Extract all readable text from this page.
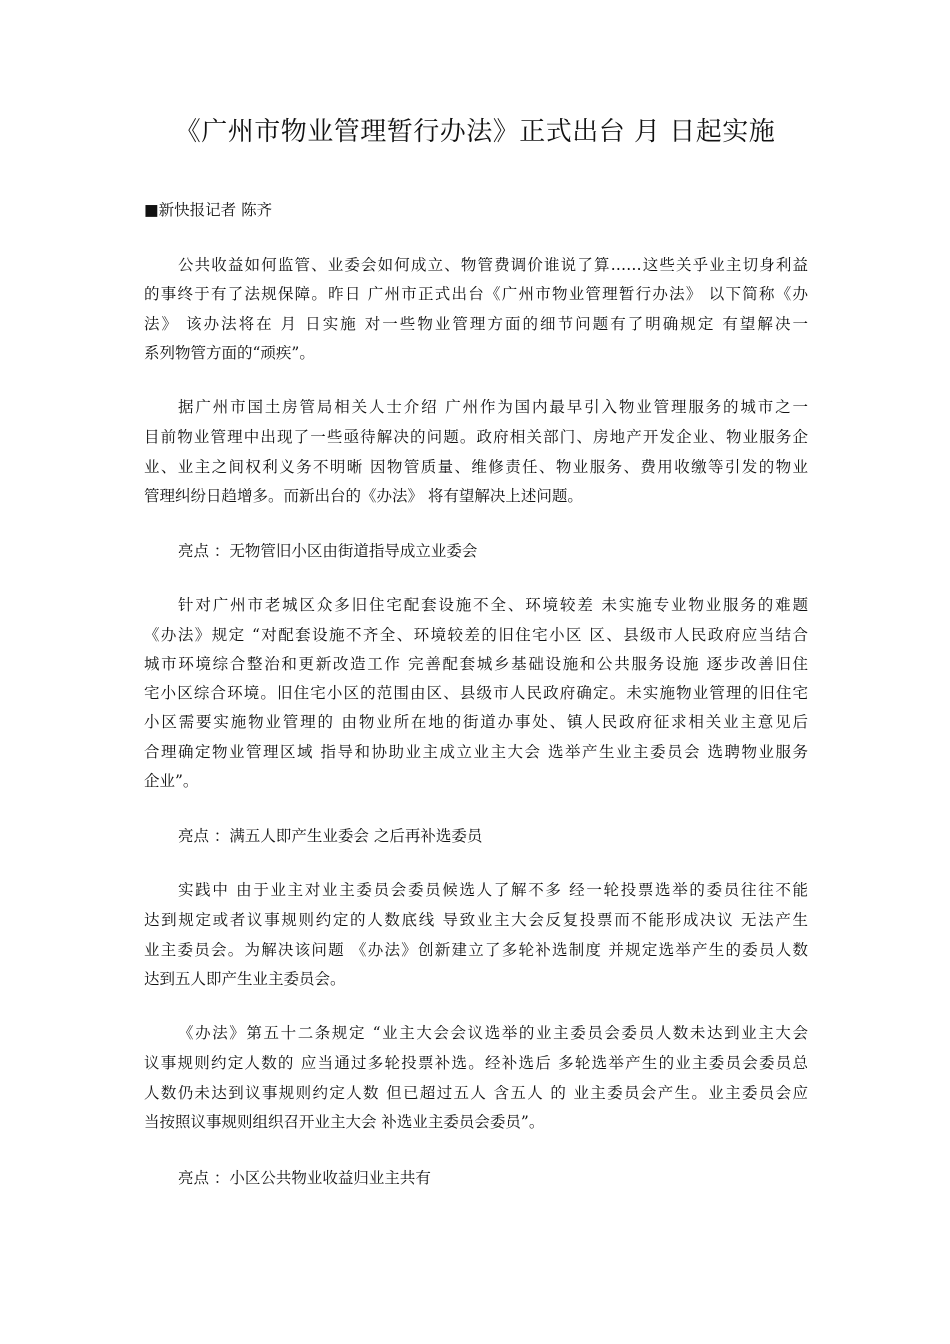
《广州市物业管理暂行办法》正式出台 月 日起实施
■新快报记者 陈齐
公共收益如何监管、业委会如何成立、物管费调价谁说了算……这些关乎业主切身利益
的事终于有了法规保障。昨日 广州市正式出台《广州市物业管理暂行办法》 以下简称《办
法》 该办法将在 月 日实施 对一些物业管理方面的细节问题有了明确规定 有望解决一
系列物管方面的“顽疾”。
据广州市国土房管局相关人士介绍 广州作为国内最早引入物业管理服务的城市之一
目前物业管理中出现了一些亟待解决的问题。政府相关部门、房地产开发企业、物业服务企
业、业主之间权利义务不明晰 因物管质量、维修责任、物业服务、费用收缴等引发的物业
管理纠纷日趋增多。而新出台的《办法》 将有望解决上述问题。
亮点 ：无物管旧小区由街道指导成立业委会
针对广州市老城区众多旧住宅配套设施不全、环境较差 未实施专业物业服务的难题
《办法》规定 “对配套设施不齐全、环境较差的旧住宅小区 区、县级市人民政府应当结合
城市环境综合整治和更新改造工作 完善配套城乡基础设施和公共服务设施 逐步改善旧住
宅小区综合环境。旧住宅小区的范围由区、县级市人民政府确定。未实施物业管理的旧住宅
小区需要实施物业管理的 由物业所在地的街道办事处、镇人民政府征求相关业主意见后
合理确定物业管理区域 指导和协助业主成立业主大会 选举产生业主委员会 选聘物业服务
企业”。
亮点 ：满五人即产生业委会 之后再补选委员
实践中 由于业主对业主委员会委员候选人了解不多 经一轮投票选举的委员往往不能
达到规定或者议事规则约定的人数底线 导致业主大会反复投票而不能形成决议 无法产生
业主委员会。为解决该问题 《办法》创新建立了多轮补选制度 并规定选举产生的委员人数
达到五人即产生业主委员会。
《办法》第五十二条规定 “业主大会会议选举的业主委员会委员人数未达到业主大会
议事规则约定人数的 应当通过多轮投票补选。经补选后 多轮选举产生的业主委员会委员总
人数仍未达到议事规则约定人数 但已超过五人 含五人 的 业主委员会产生。业主委员会应
当按照议事规则组织召开业主大会 补选业主委员会委员”。
亮点 ：小区公共物业收益归业主共有
